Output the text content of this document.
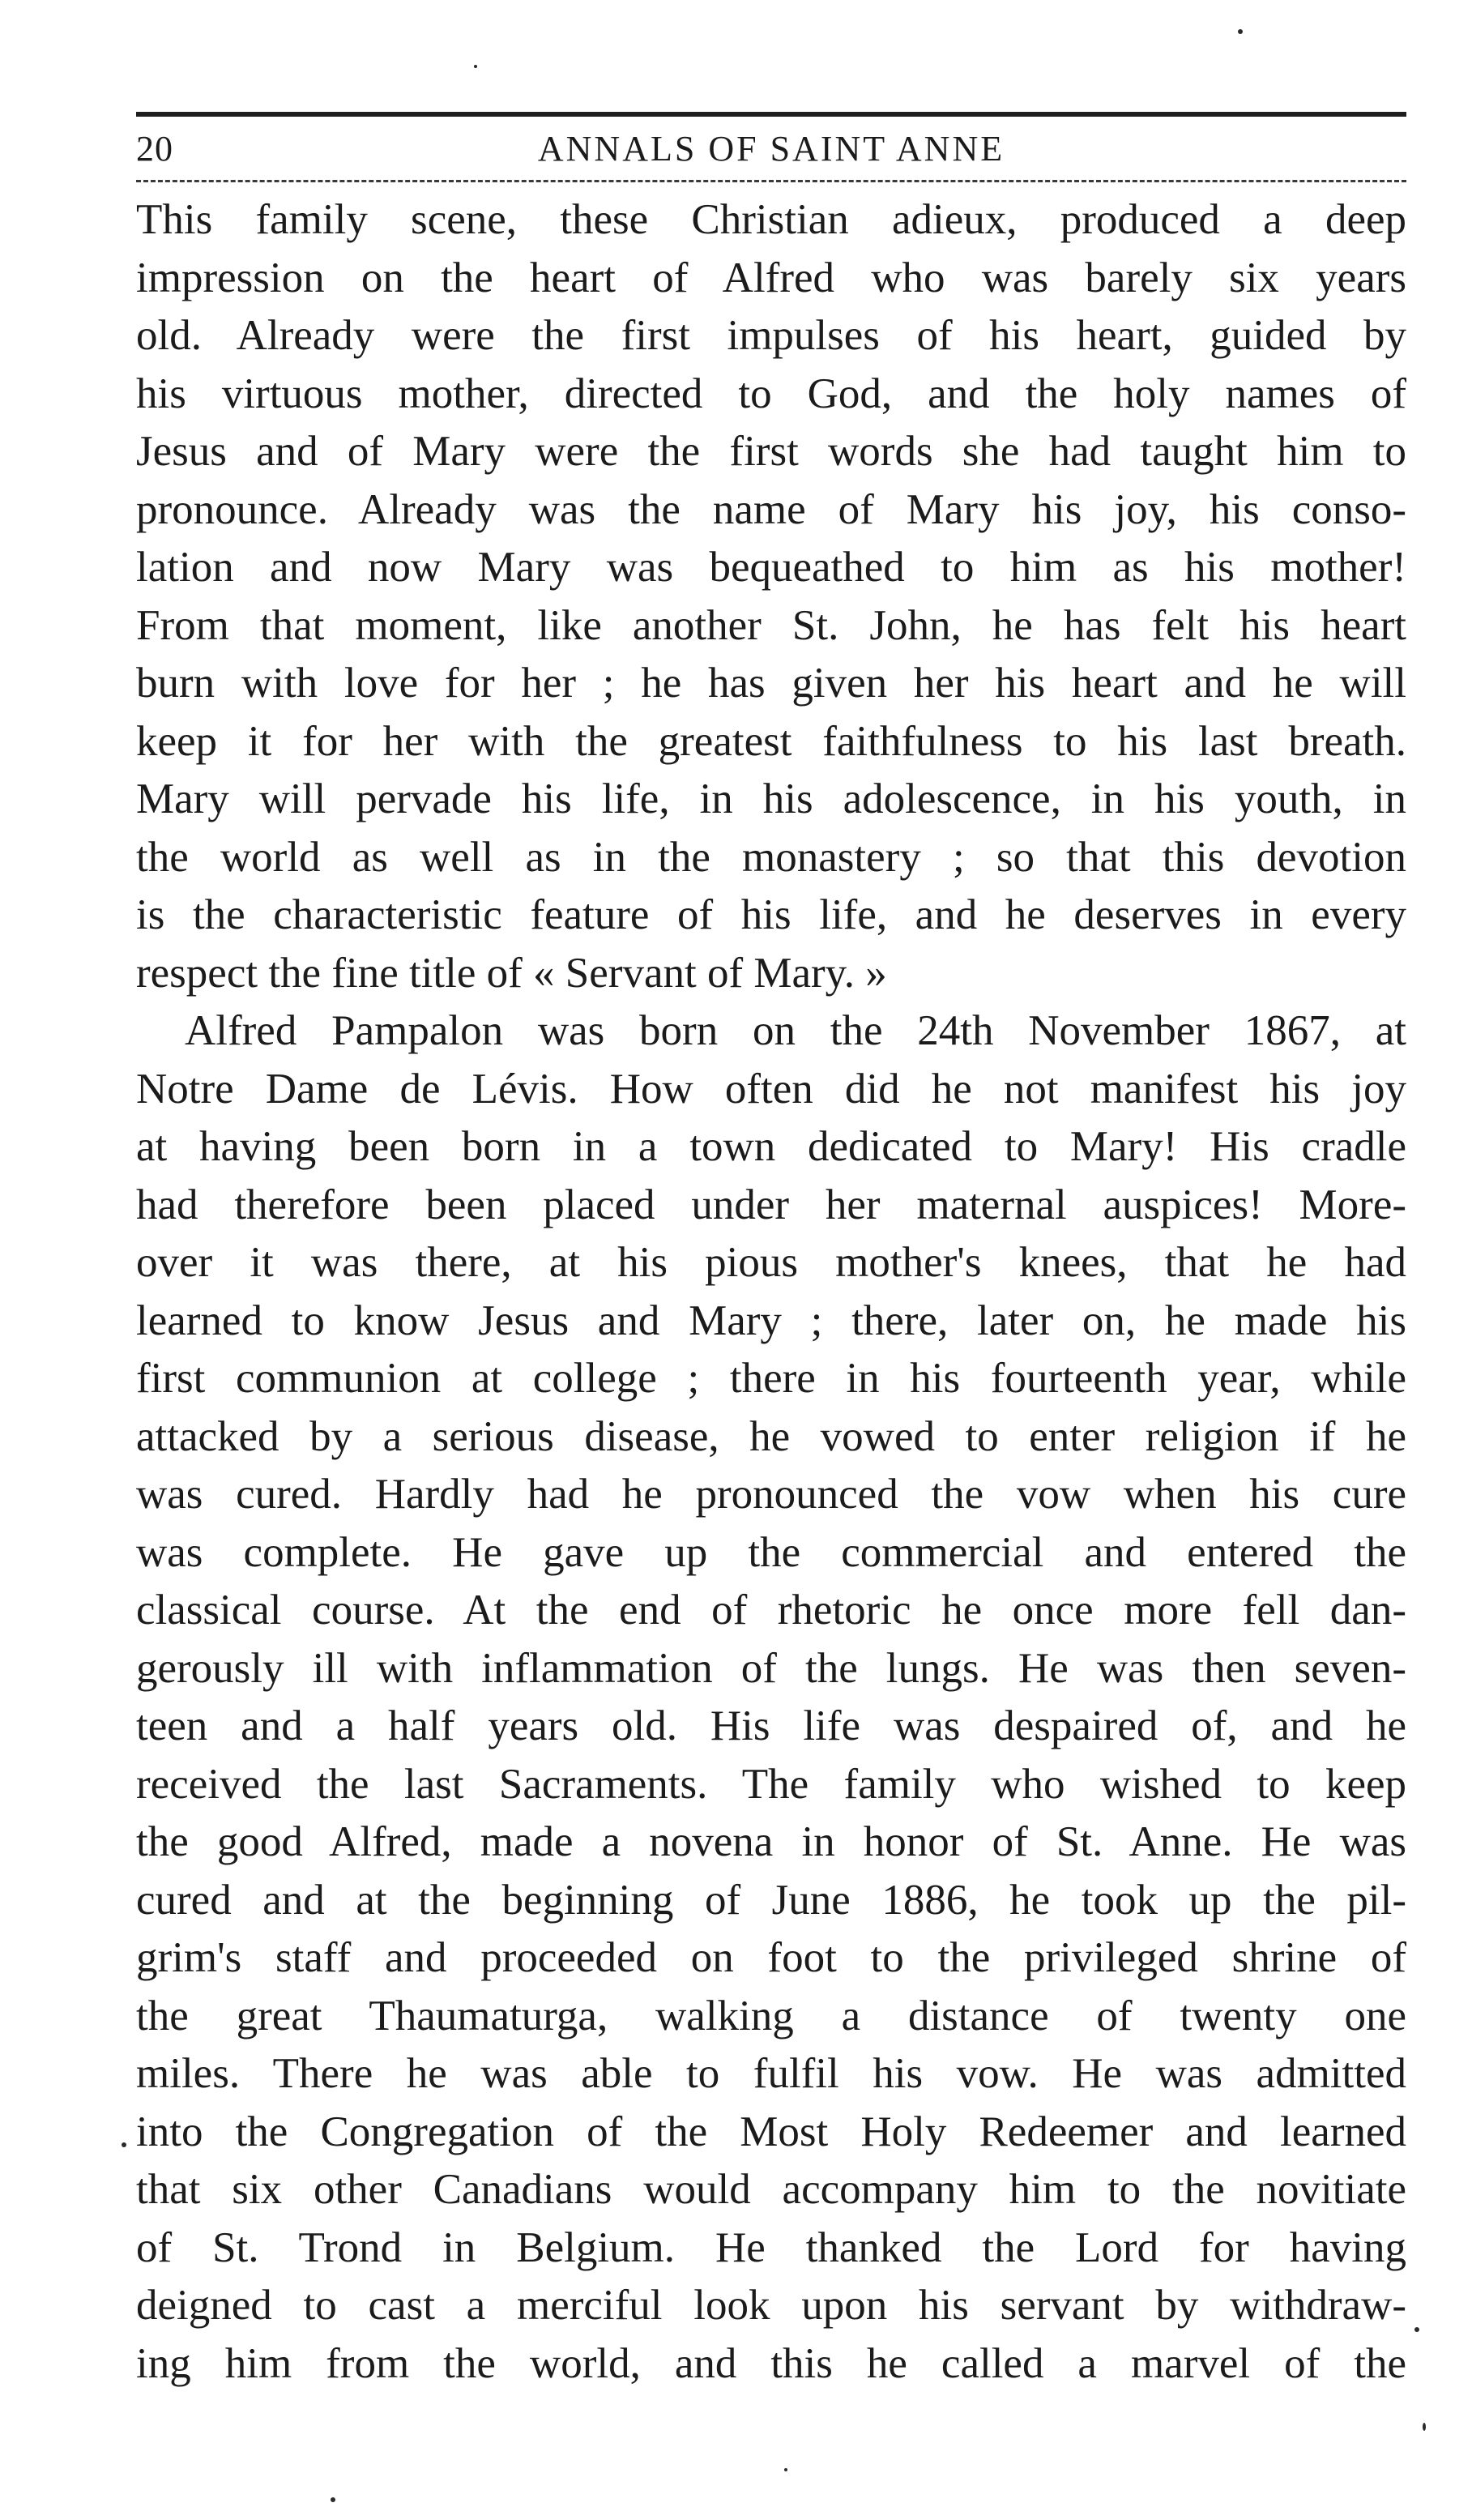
20	ANNALS OF SAINT ANNE
This family scene, these Christian adieux, produced a deep
impression on the heart of Alfred who was barely six years
old. Already were the first impulses of his heart, guided by
his virtuous mother, directed to God, and the holy names of
Jesus and of Mary were the first words she had taught him to
pronounce. Already was the name of Mary his joy, his conso-
lation and now Mary was bequeathed to him as his mother!
From that moment, like another St. John, he has felt his heart
burn with love for her ; he has given her his heart and he will
keep it for her with the greatest faithfulness to his last breath.
Mary will pervade his life, in his adolescence, in his youth, in
the world as well as in the monastery ; so that this devotion
is the characteristic feature of his life, and he deserves in every
respect the fine title of « Servant of Mary. »
Alfred Pampalon was born on the 24th November 1867, at
Notre Dame de Lévis. How often did he not manifest his joy
at having been born in a town dedicated to Mary! His cradle
had therefore been placed under her maternal auspices! More-
over it was there, at his pious mother's knees, that he had
learned to know Jesus and Mary ; there, later on, he made his
first communion at college ; there in his fourteenth year, while
attacked by a serious disease, he vowed to enter religion if he
was cured. Hardly had he pronounced the vow when his cure
was complete. He gave up the commercial and entered the
classical course. At the end of rhetoric he once more fell dan-
gerously ill with inflammation of the lungs. He was then seven-
teen and a half years old. His life was despaired of, and he
received the last Sacraments. The family who wished to keep
the good Alfred, made a novena in honor of St. Anne. He was
cured and at the beginning of June 1886, he took up the pil-
grim's staff and proceeded on foot to the privileged shrine of
the great Thaumaturga, walking a distance of twenty one
miles. There he was able to fulfil his vow. He was admitted
into the Congregation of the Most Holy Redeemer and learned
that six other Canadians would accompany him to the novitiate
of St. Trond in Belgium. He thanked the Lord for having
deigned to cast a merciful look upon his servant by withdraw-
ing him from the world, and this he called a marvel of the
